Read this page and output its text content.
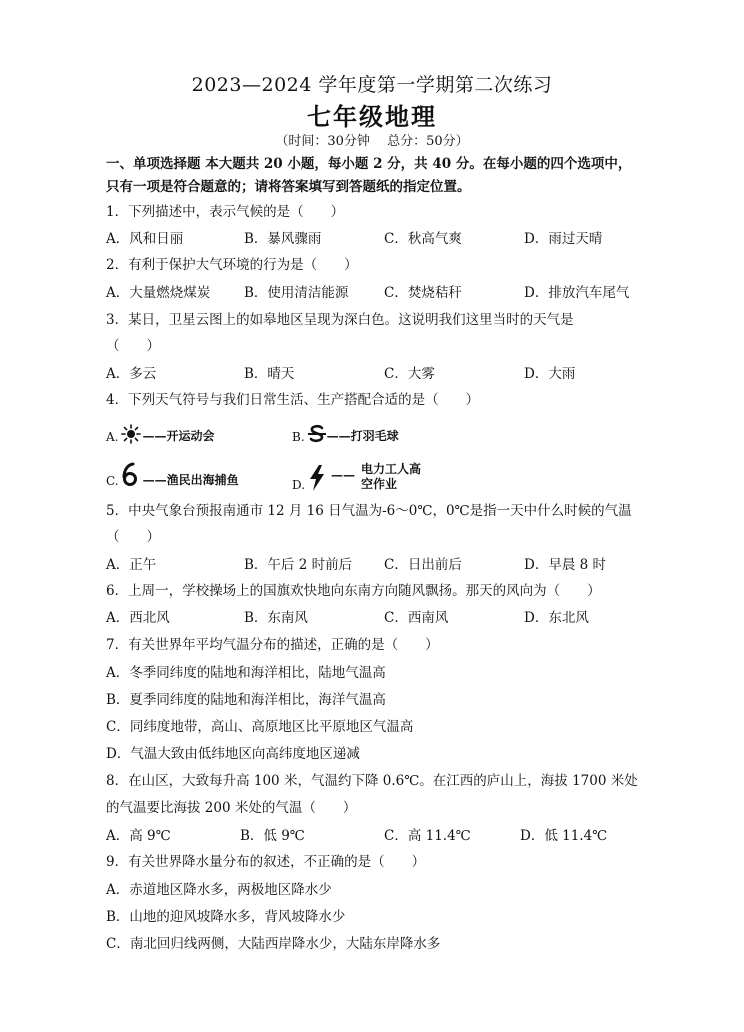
2023—2024 学年度第一学期第二次练习
七年级地理
（时间：30分钟　 总分：50分）
一、单项选择题 本大题共 20 小题，每小题 2 分，共 40 分。在每小题的四个选项中，
只有一项是符合题意的；请将答案填写到答题纸的指定位置。
1．下列描述中，表示气候的是（　　）
A．风和日丽	B．暴风骤雨	C．秋高气爽	D．雨过天晴
2．有利于保护大气环境的行为是（　　）
A．大量燃烧煤炭	B．使用清洁能源	C．焚烧秸秆	D．排放汽车尾气
3．某日，卫星云图上的如皋地区呈现为深白色。这说明我们这里当时的天气是
（　　）
A．多云	B．晴天	C．大雾	D．大雨
4．下列天气符号与我们日常生活、生产搭配合适的是（　　）
A. ——开运动会	B. ——打羽毛球
C. ——渔民出海捕鱼	D.
—— 电力工人高
空作业
5．中央气象台预报南通市 12 月 16 日气温为-6～0℃，0℃是指一天中什么时候的气温
（　　）
A．正午	B．午后 2 时前后 C．日出前后	D．早晨 8 时
6．上周一，学校操场上的国旗欢快地向东南方向随风飘扬。那天的风向为（　　）
A．西北风	B．东南风	C．西南风	D．东北风
7．有关世界年平均气温分布的描述，正确的是（　　）
A．冬季同纬度的陆地和海洋相比，陆地气温高
B．夏季同纬度的陆地和海洋相比，海洋气温高
C．同纬度地带，高山、高原地区比平原地区气温高
D．气温大致由低纬地区向高纬度地区递减
8．在山区，大致每升高 100 米，气温约下降 0.6℃。在江西的庐山上，海拔 1700 米处
的气温要比海拔 200 米处的气温（　　）
A．高 9℃	B．低 9℃	C．高 11.4℃	D．低 11.4℃
9．有关世界降水量分布的叙述，不正确的是（　　）
A．赤道地区降水多，两极地区降水少
B．山地的迎风坡降水多，背风坡降水少
C．南北回归线两侧，大陆西岸降水少，大陆东岸降水多
